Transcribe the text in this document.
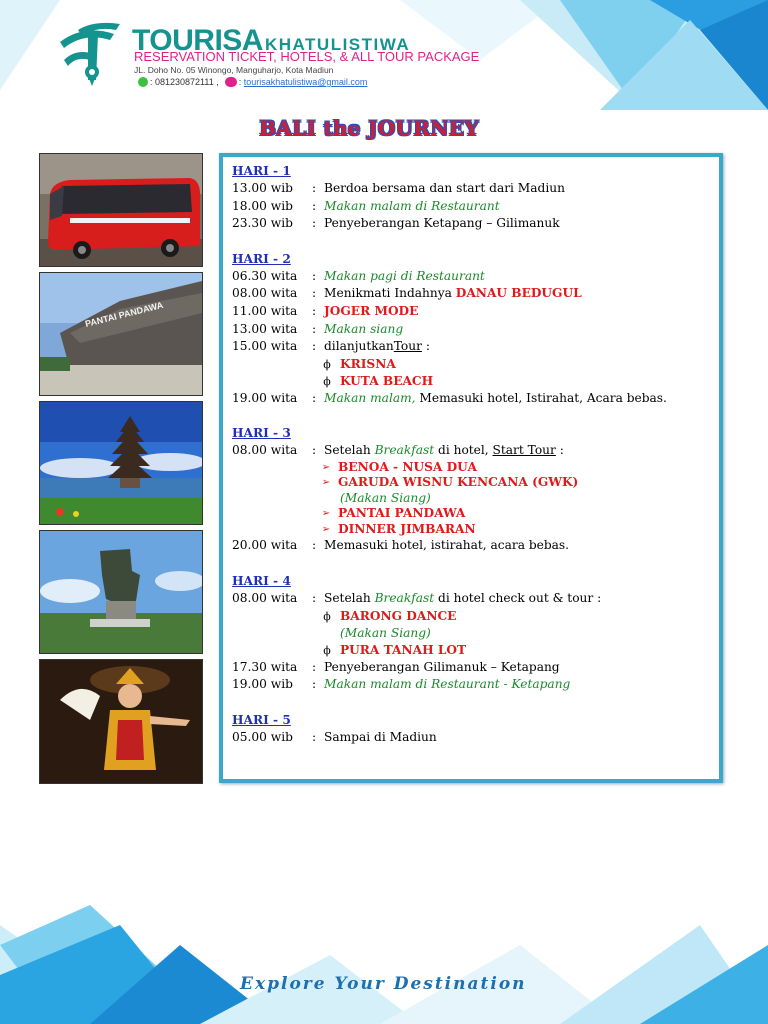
TOURISA KHATULISTIWA
RESERVATION TICKET, HOTELS, & ALL TOUR PACKAGE
JL. Doho No. 05 Winongo, Manguharjo, Kota Madiun
: 081230872111 , : tourisakhatulistiwa@gmail.com
BALI the JOURNEY
PANTAI PANDAWA
HARI - 1
13.00 wib	: Berdoa bersama dan start dari Madiun
18.00 wib	: Makan malam di Restaurant
23.30 wib	: Penyeberangan Ketapang – Gilimanuk
HARI - 2
06.30 wita	: Makan pagi di Restaurant
08.00 wita	: Menikmati Indahnya DANAU BEDUGUL
11.00 wita	: JOGER MODE
13.00 wita	: Makan siang
15.00 wita	: dilanjutkan Tour :
ϕ KRISNA
ϕ KUTA BEACH
19.00 wita	: Makan malam, Memasuki hotel, Istirahat, Acara bebas.
HARI - 3
08.00 wita	: Setelah Breakfast di hotel, Start Tour :
➢ BENOA - NUSA DUA
➢ GARUDA WISNU KENCANA (GWK)
(Makan Siang)
➢ PANTAI PANDAWA
➢ DINNER JIMBARAN
20.00 wita	: Memasuki hotel, istirahat, acara bebas.
HARI - 4
08.00 wita	: Setelah Breakfast di hotel check out & tour :
ϕ BARONG DANCE
(Makan Siang)
ϕ PURA TANAH LOT
17.30 wita	: Penyeberangan Gilimanuk – Ketapang
19.00 wib	: Makan malam di Restaurant - Ketapang
HARI - 5
05.00 wib	: Sampai di Madiun
Explore Your Destination
